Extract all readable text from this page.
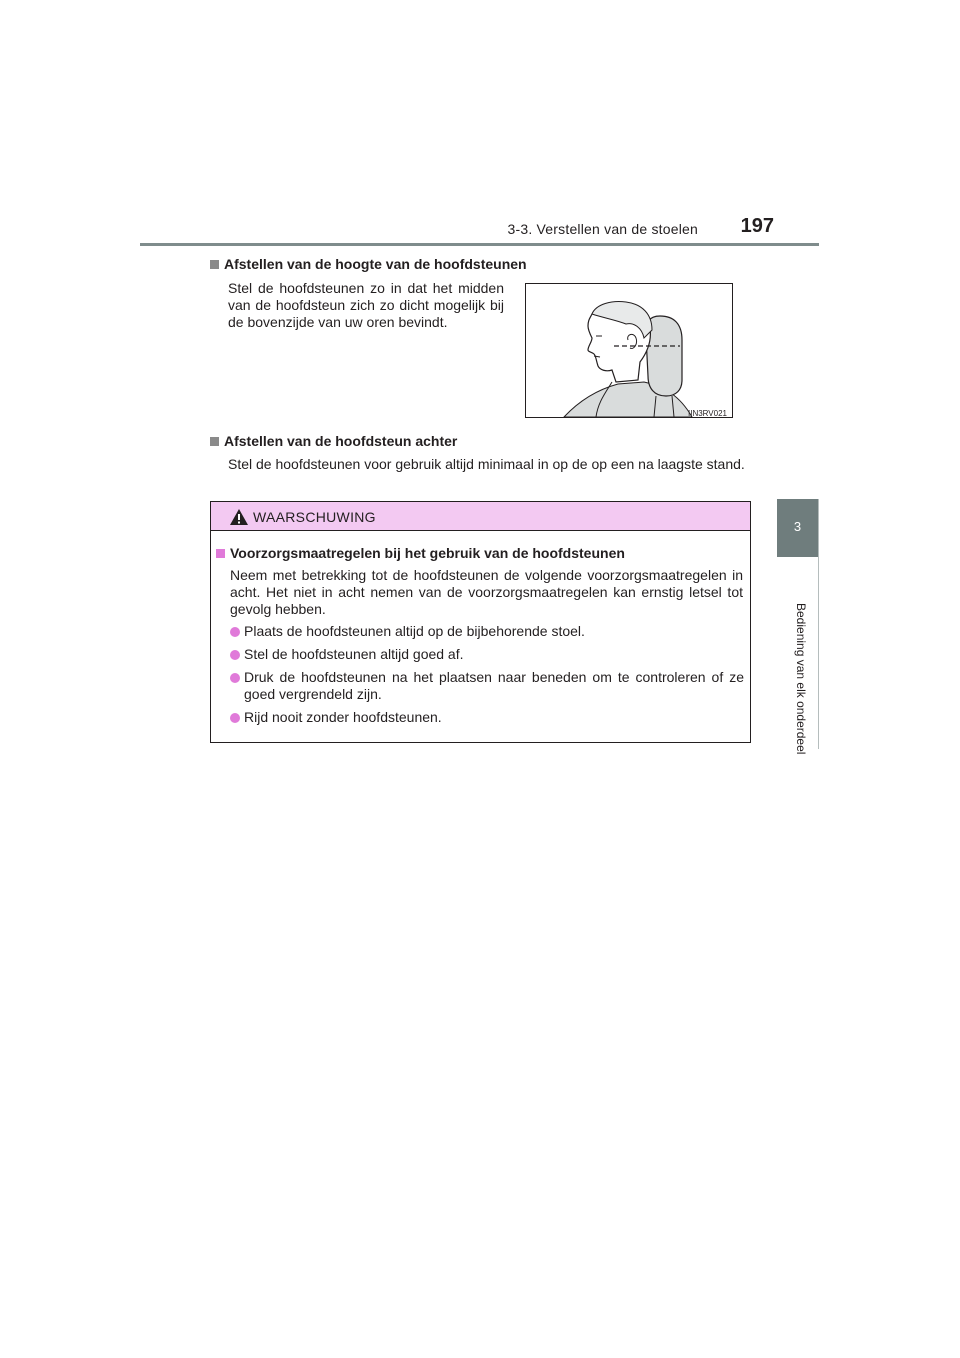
3-3. Verstellen van de stoelen	197
3
Bediening van elk onderdeel
Afstellen van de hoogte van de hoofdsteunen
Stel de hoofdsteunen zo in dat het midden van de hoofdsteun zich zo dicht mogelijk bij de bovenzijde van uw oren bevindt.
IIN3RV021
Afstellen van de hoofdsteun achter
Stel de hoofdsteunen voor gebruik altijd minimaal in op de op een na laagste stand.
WAARSCHUWING
Voorzorgsmaatregelen bij het gebruik van de hoofdsteunen
Neem met betrekking tot de hoofdsteunen de volgende voorzorgsmaatregelen in acht. Het niet in acht nemen van de voorzorgsmaatregelen kan ernstig letsel tot gevolg hebben.
Plaats de hoofdsteunen altijd op de bijbehorende stoel.
Stel de hoofdsteunen altijd goed af.
Druk de hoofdsteunen na het plaatsen naar beneden om te controleren of ze goed vergrendeld zijn.
Rijd nooit zonder hoofdsteunen.
